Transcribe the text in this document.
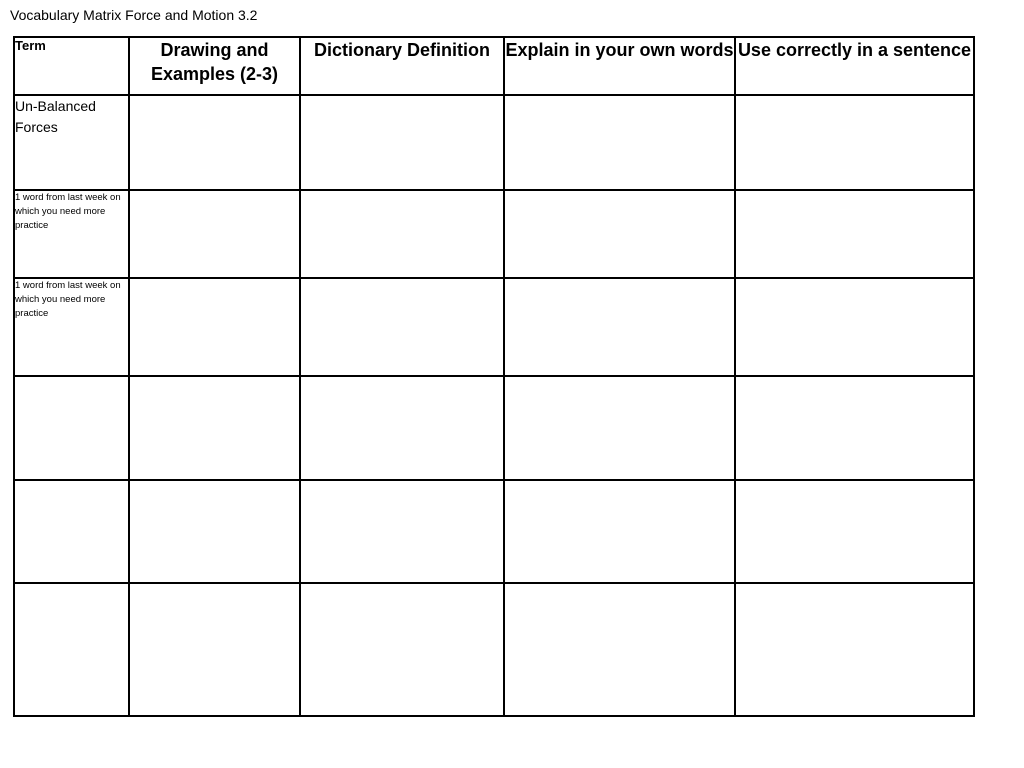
Vocabulary Matrix Force and Motion 3.2
Term	Drawing and Examples (2-3)	Dictionary Definition	Explain in your own words	Use correctly in a sentence
Un-Balanced Forces				
1 word from last week on which you need more practice				
1 word from last week on which you need more practice				
